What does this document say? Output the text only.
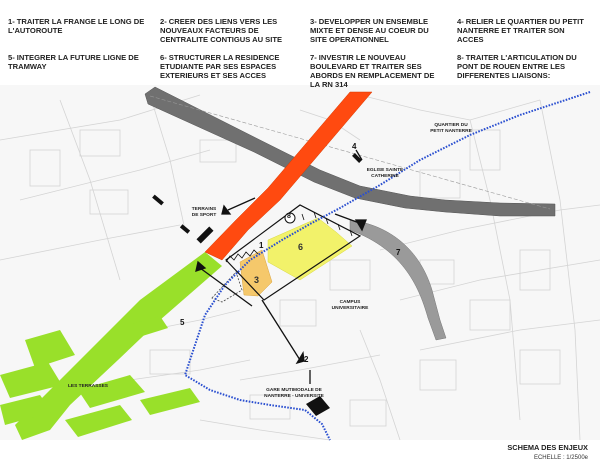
1- TRAITER LA FRANGE LE LONG DE L'AUTOROUTE

2- CREER DES LIENS VERS LES NOUVEAUX FACTEURS DE CENTRALITE CONTIGUS AU SITE

3- DEVELOPPER UN ENSEMBLE MIXTE ET DENSE AU COEUR DU SITE OPERATIONNEL

4- RELIER LE QUARTIER DU PETIT NANTERRE ET TRAITER SON ACCES

5- INTEGRER LA FUTURE LIGNE DE TRAMWAY

6- STRUCTURER LA RESIDENCE ETUDIANTE PAR SES ESPACES EXTERIEURS ET SES ACCES

7- INVESTIR LE NOUVEAU BOULEVARD ET TRAITER SES ABORDS EN REMPLACEMENT DE LA RN 314

8- TRAITER L'ARTICULATION DU PONT DE ROUEN ENTRE LES DIFFERENTES LIAISONS:

QUARTIER DU
PETIT NANTERRE
EGLISE SAINTE
CATHERINE
TERRAINS
DE SPORT
CAMPUS
UNIVERSITAIRE
GARE MUTIMODALE DE
NANTERRE - UNIVERSITE
LES TERRASSES
1
2
3
4
5
6
7
8
SCHEMA DES ENJEUX
ECHELLE : 1/2500e
